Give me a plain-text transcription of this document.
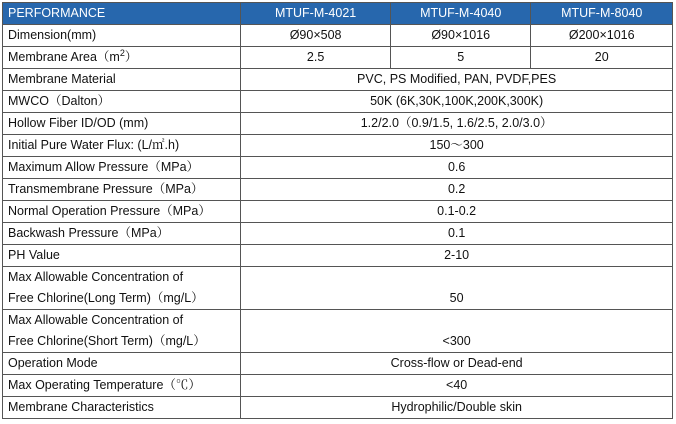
PERFORMANCE	MTUF-M-4021	MTUF-M-4040	MTUF-M-8040
Dimension(mm)	Ø90×508	Ø90×1016	Ø200×1016
Membrane $Area(m^2)$	2.5	5	20
Membrane Material	PVC, PS Modified, PAN, PVDF,PES		
MWCO（Dalton）	50K (6K,30K,100K,200K,300K)		
Hollow Fiber ID/OD (mm)	1.2/2.0（0.9/1.5, 1.6/2.5, 2.0/3.0）		
Initial Pure Water Flux: (L/㎡.h)	150～300		
Maximum Allow Pressure（MPa）	0.6		
Transmembrane Pressure（MPa）	0.2		
Normal Operation Pressure（MPa）	0.1-0.2		
Backwash Pressure（MPa）	0.1		
PH Value	2-10		

Max Allowable Concentration of
Free Chlorine(Long Term)（mg/L）	50		

Max Allowable Concentration of
Free Chlorine(Short Term)（mg/L）	<300		
Operation Mode	Cross-flow or Dead-end		
Max Operating Temperature（℃）	<40		
Membrane Characteristics	Hydrophilic/Double skin		
